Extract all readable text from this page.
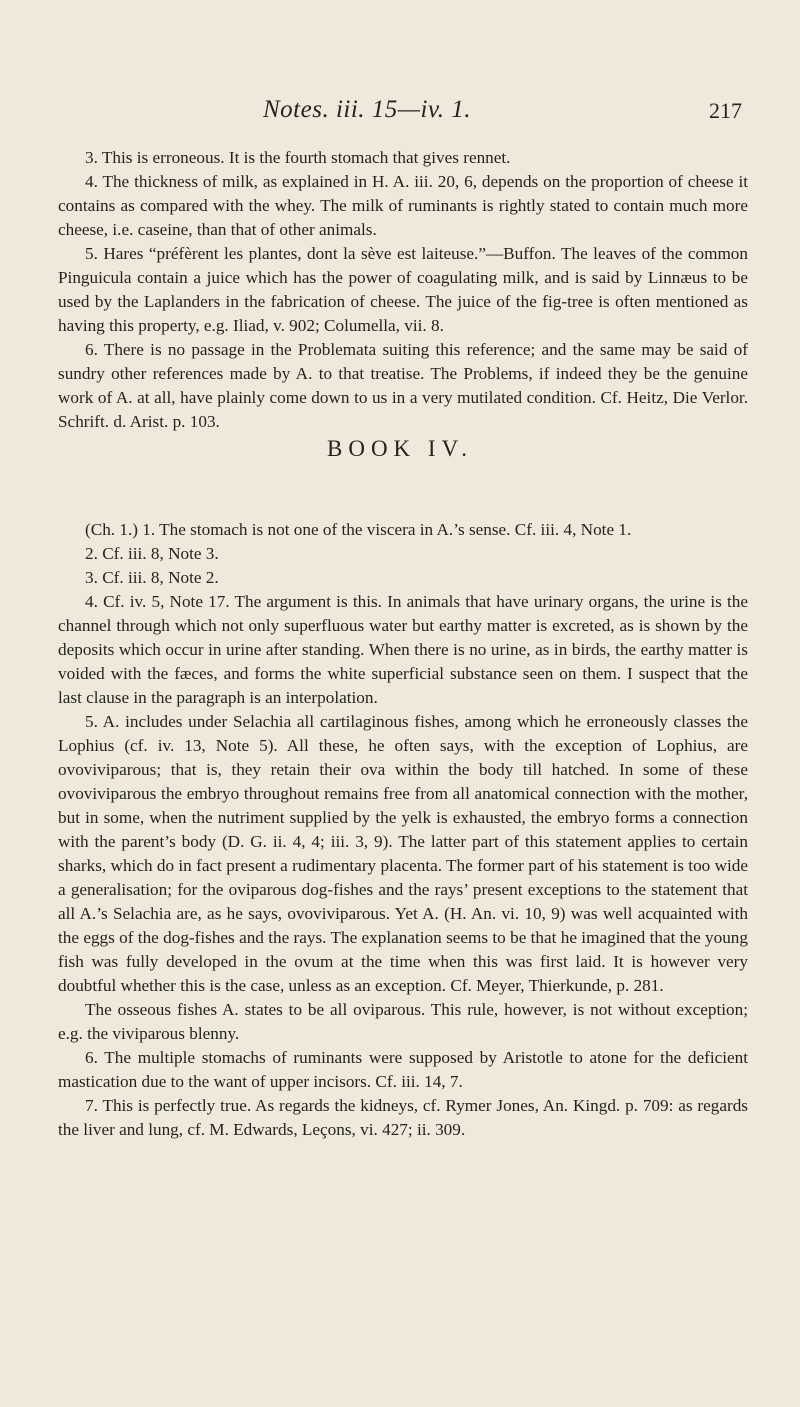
Notes. iii. 15—iv. 1.	217

3. This is erroneous. It is the fourth stomach that gives rennet.

4. The thickness of milk, as explained in H. A. iii. 20, 6, depends on the proportion of cheese it contains as compared with the whey. The milk of ruminants is rightly stated to contain much more cheese, i.e. caseine, than that of other animals.

5. Hares “préfèrent les plantes, dont la sève est laiteuse.”—Buffon. The leaves of the common Pinguicula contain a juice which has the power of coagulating milk, and is said by Linnæus to be used by the Laplanders in the fabrication of cheese. The juice of the fig-tree is often mentioned as having this property, e.g. Iliad, v. 902; Columella, vii. 8.

6. There is no passage in the Problemata suiting this reference; and the same may be said of sundry other references made by A. to that treatise. The Problems, if indeed they be the genuine work of A. at all, have plainly come down to us in a very mutilated condition. Cf. Heitz, Die Verlor. Schrift. d. Arist. p. 103.

BOOK IV.

(Ch. 1.) 1. The stomach is not one of the viscera in A.’s sense. Cf. iii. 4, Note 1.

2. Cf. iii. 8, Note 3.

3. Cf. iii. 8, Note 2.

4. Cf. iv. 5, Note 17. The argument is this. In animals that have urinary organs, the urine is the channel through which not only superfluous water but earthy matter is excreted, as is shown by the deposits which occur in urine after standing. When there is no urine, as in birds, the earthy matter is voided with the fæces, and forms the white superficial substance seen on them. I suspect that the last clause in the paragraph is an interpolation.

5. A. includes under Selachia all cartilaginous fishes, among which he erroneously classes the Lophius (cf. iv. 13, Note 5). All these, he often says, with the exception of Lophius, are ovoviviparous; that is, they retain their ova within the body till hatched. In some of these ovoviviparous the embryo throughout remains free from all anatomical connection with the mother, but in some, when the nutriment supplied by the yelk is exhausted, the embryo forms a connection with the parent’s body (D. G. ii. 4, 4; iii. 3, 9). The latter part of this statement applies to certain sharks, which do in fact present a rudimentary placenta. The former part of his statement is too wide a generalisation; for the oviparous dog-fishes and the rays’ present exceptions to the statement that all A.’s Selachia are, as he says, ovoviviparous. Yet A. (H. An. vi. 10, 9) was well acquainted with the eggs of the dog-fishes and the rays. The explanation seems to be that he imagined that the young fish was fully developed in the ovum at the time when this was first laid. It is however very doubtful whether this is the case, unless as an exception. Cf. Meyer, Thierkunde, p. 281.

The osseous fishes A. states to be all oviparous. This rule, however, is not without exception; e.g. the viviparous blenny.

6. The multiple stomachs of ruminants were supposed by Aristotle to atone for the deficient mastication due to the want of upper incisors. Cf. iii. 14, 7.

7. This is perfectly true. As regards the kidneys, cf. Rymer Jones, An. Kingd. p. 709: as regards the liver and lung, cf. M. Edwards, Leçons, vi. 427; ii. 309.
